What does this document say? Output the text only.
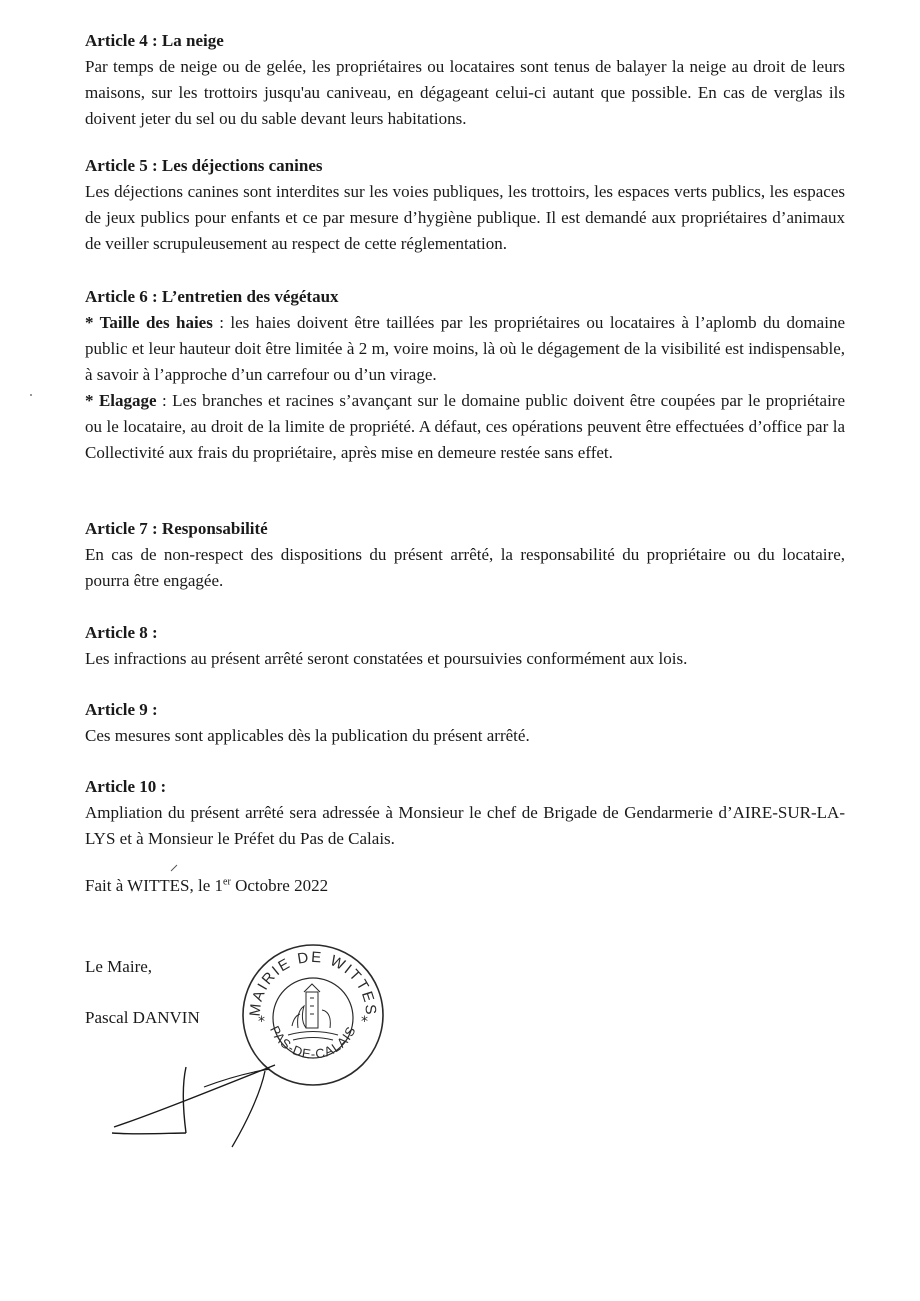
Article 4 : La neige

Par temps de neige ou de gelée, les propriétaires ou locataires sont tenus de balayer la neige au droit de leurs maisons, sur les trottoirs jusqu'au caniveau, en dégageant celui-ci autant que possible. En cas de verglas ils doivent jeter du sel ou du sable devant leurs habitations.

Article 5 : Les déjections canines

Les déjections canines sont interdites sur les voies publiques, les trottoirs, les espaces verts publics, les espaces de jeux publics pour enfants et ce par mesure d’hygiène publique. Il est demandé aux propriétaires d’animaux de veiller scrupuleusement au respect de cette réglementation.

Article 6 : L’entretien des végétaux

* Taille des haies : les haies doivent être taillées par les propriétaires ou locataires à l’aplomb du domaine public et leur hauteur doit être limitée à 2 m, voire moins, là où le dégagement de la visibilité est indispensable, à savoir à l’approche d’un carrefour ou d’un virage.

* Elagage : Les branches et racines s’avançant sur le domaine public doivent être coupées par le propriétaire ou le locataire, au droit de la limite de propriété. A défaut, ces opérations peuvent être effectuées d’office par la Collectivité aux frais du propriétaire, après mise en demeure restée sans effet.

Article 7 : Responsabilité

En cas de non-respect des dispositions du présent arrêté, la responsabilité du propriétaire ou du locataire, pourra être engagée.

Article 8 :

Les infractions au présent arrêté seront constatées et poursuivies conformément aux lois.

Article 9 :

Ces mesures sont applicables dès la publication du présent arrêté.

Article 10 :

Ampliation du présent arrêté sera adressée à Monsieur le chef de Brigade de Gendarmerie d’AIRE-SUR-LA-LYS et à Monsieur le Préfet du Pas de Calais.

Fait à WITTES, le 1er Octobre 2022
Le Maire,
Pascal DANVIN	MAIRIE DE WITTES
PAS-DE-CALAIS
*	*
